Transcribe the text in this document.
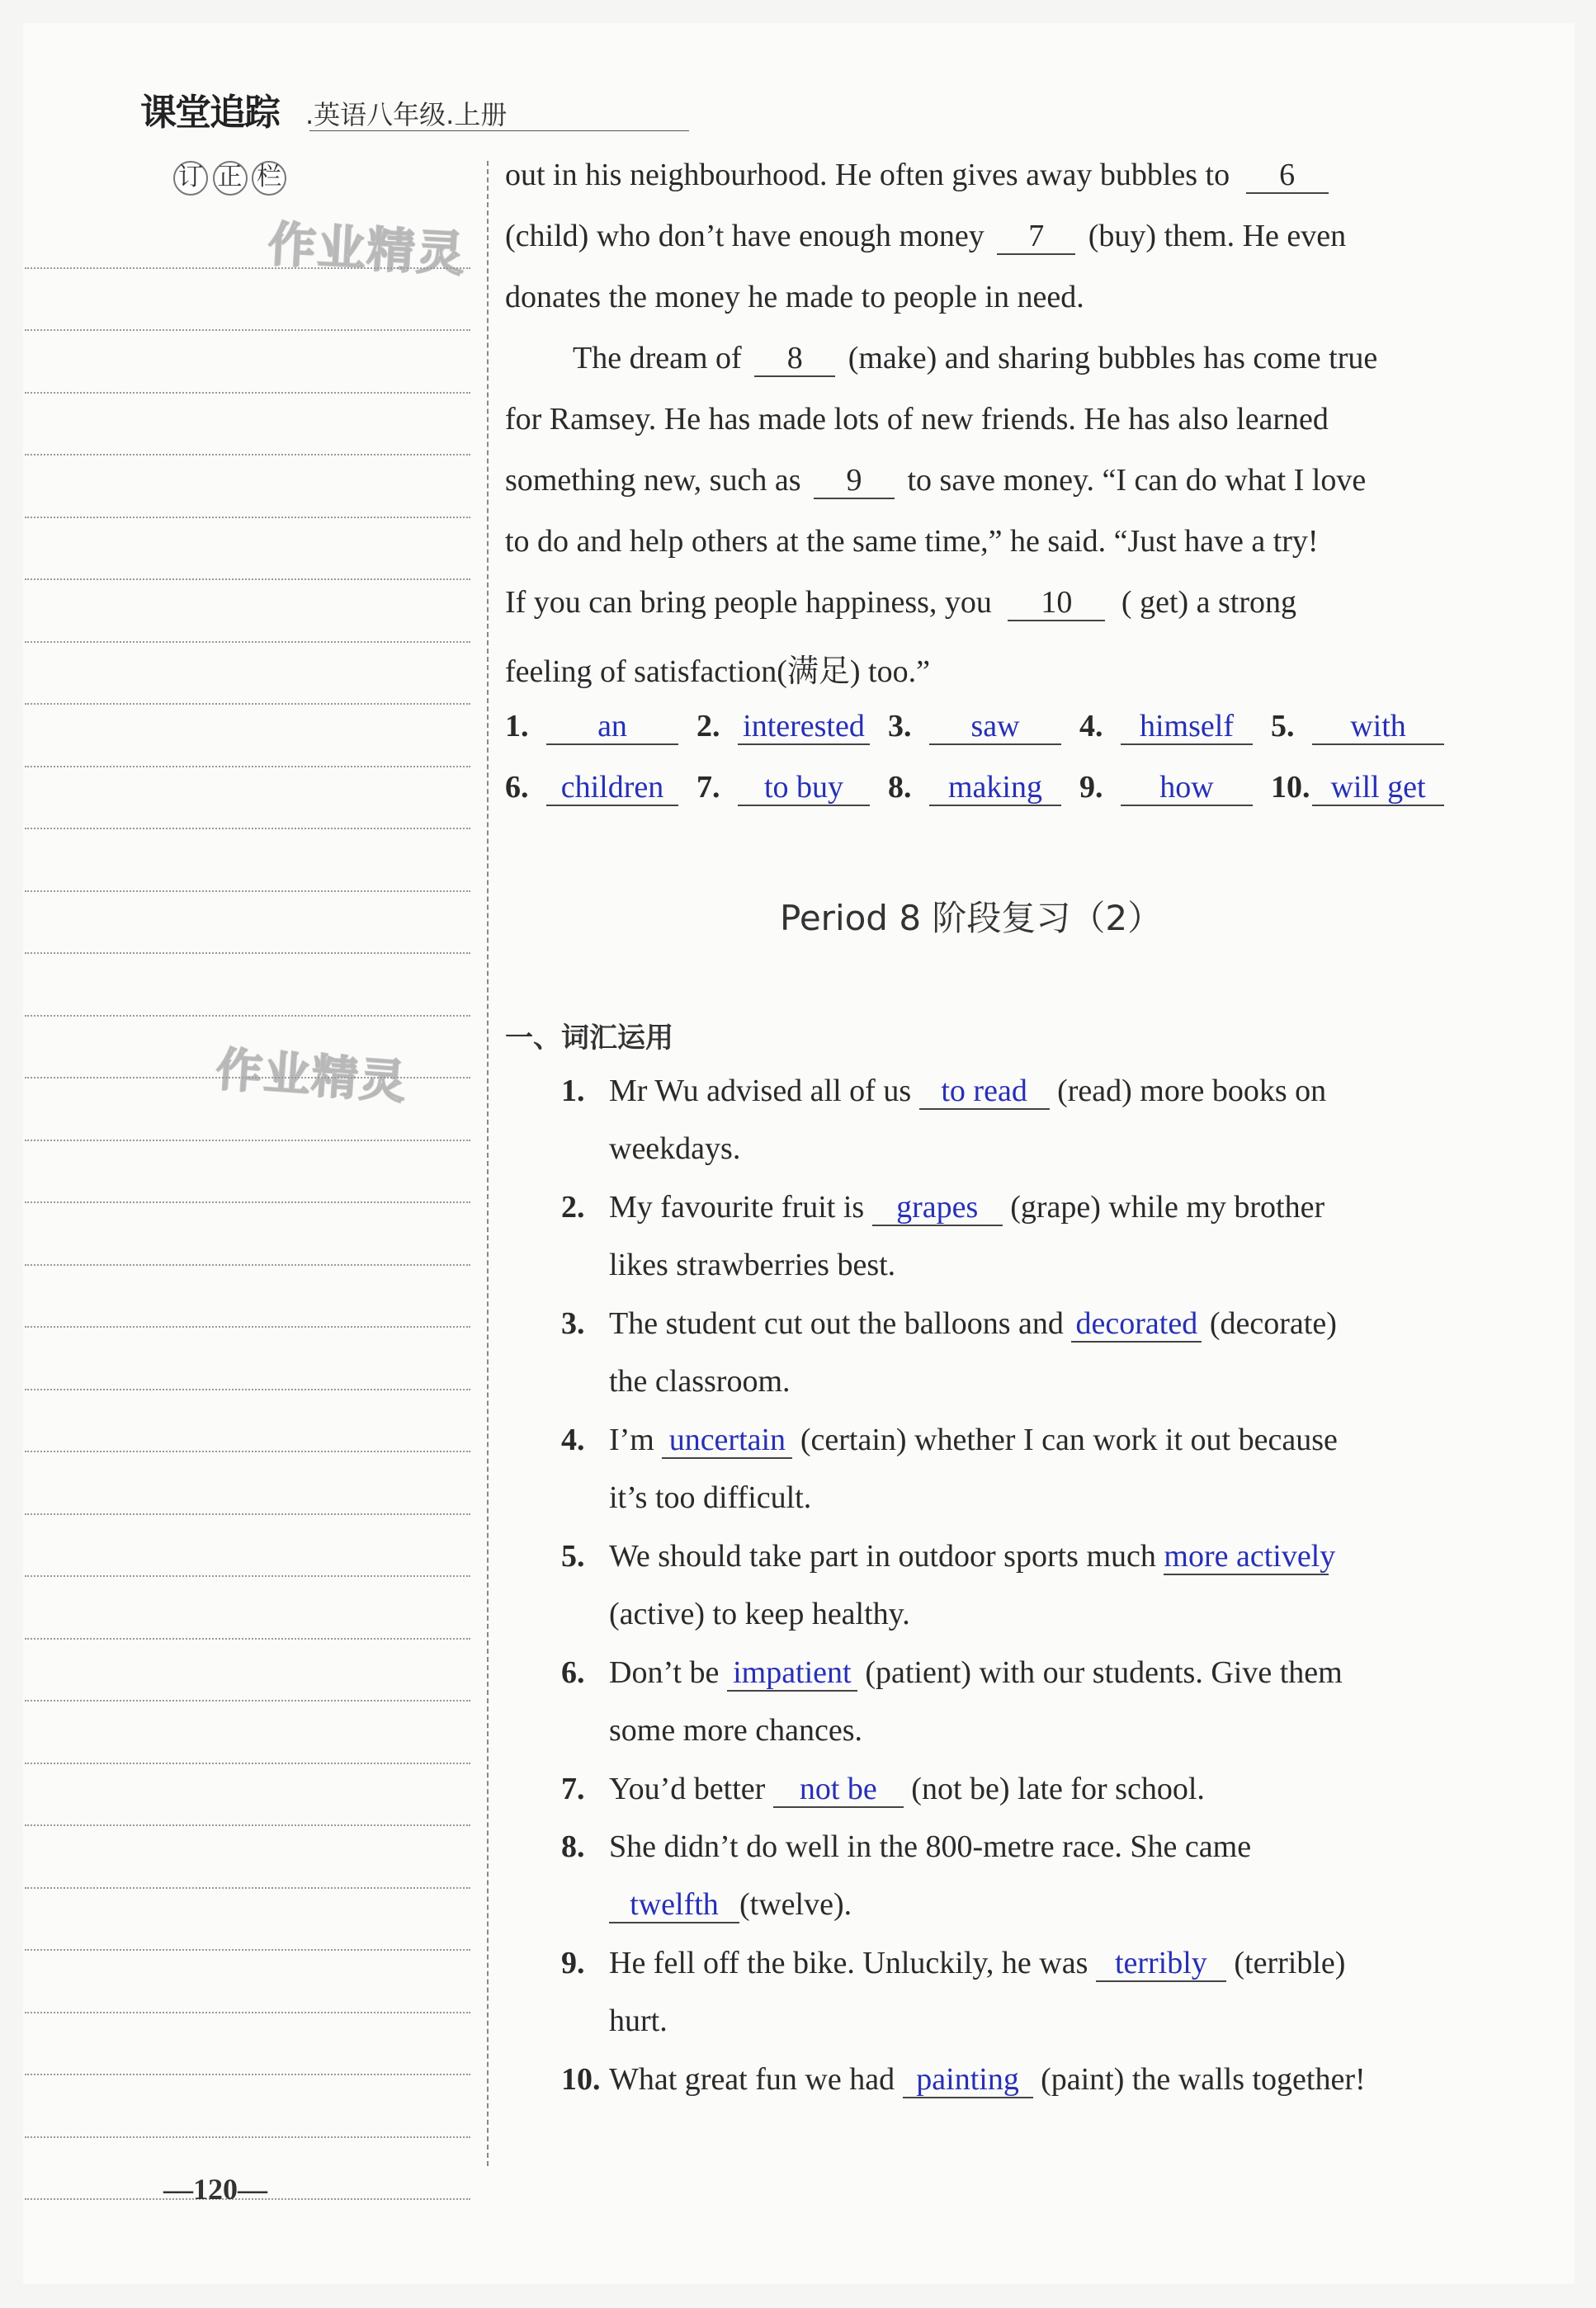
课堂追踪 .英语八年级.上册
订 正 栏
作业精灵
作业精灵
out in his neighbourhood. He often gives away bubbles to 6
(child) who don’t have enough money 7 (buy) them. He even
donates the money he made to people in need.
The dream of 8 (make) and sharing bubbles has come true
for Ramsey. He has made lots of new friends. He has also learned
something new, such as 9 to save money. “I can do what I love
to do and help others at the same time,” he said. “Just have a try!
If you can bring people happiness, you 10 ( get) a strong
feeling of satisfaction(满足) too.”
1. an	2. interested 3. saw	4. himself	5. with
6. children	7. to buy	8. making	9. how	10. will get
Period 8 阶段复习（2）
一、词汇运用
1. Mr Wu advised all of us to read (read) more books on
weekdays.
2. My favourite fruit is grapes (grape) while my brother
likes strawberries best.
3. The student cut out the balloons and decorated (decorate)
the classroom.
4. I’m uncertain (certain) whether I can work it out because
it’s too difficult.
5. We should take part in outdoor sports much more actively
(active) to keep healthy.
6. Don’t be impatient (patient) with our students. Give them
some more chances.
7. You’d better not be (not be) late for school.
8. She didn’t do well in the 800-metre race. She came
twelfth (twelve).
9. He fell off the bike. Unluckily, he was terribly (terrible)
hurt.
10. What great fun we had painting (paint) the walls together!
—120—
